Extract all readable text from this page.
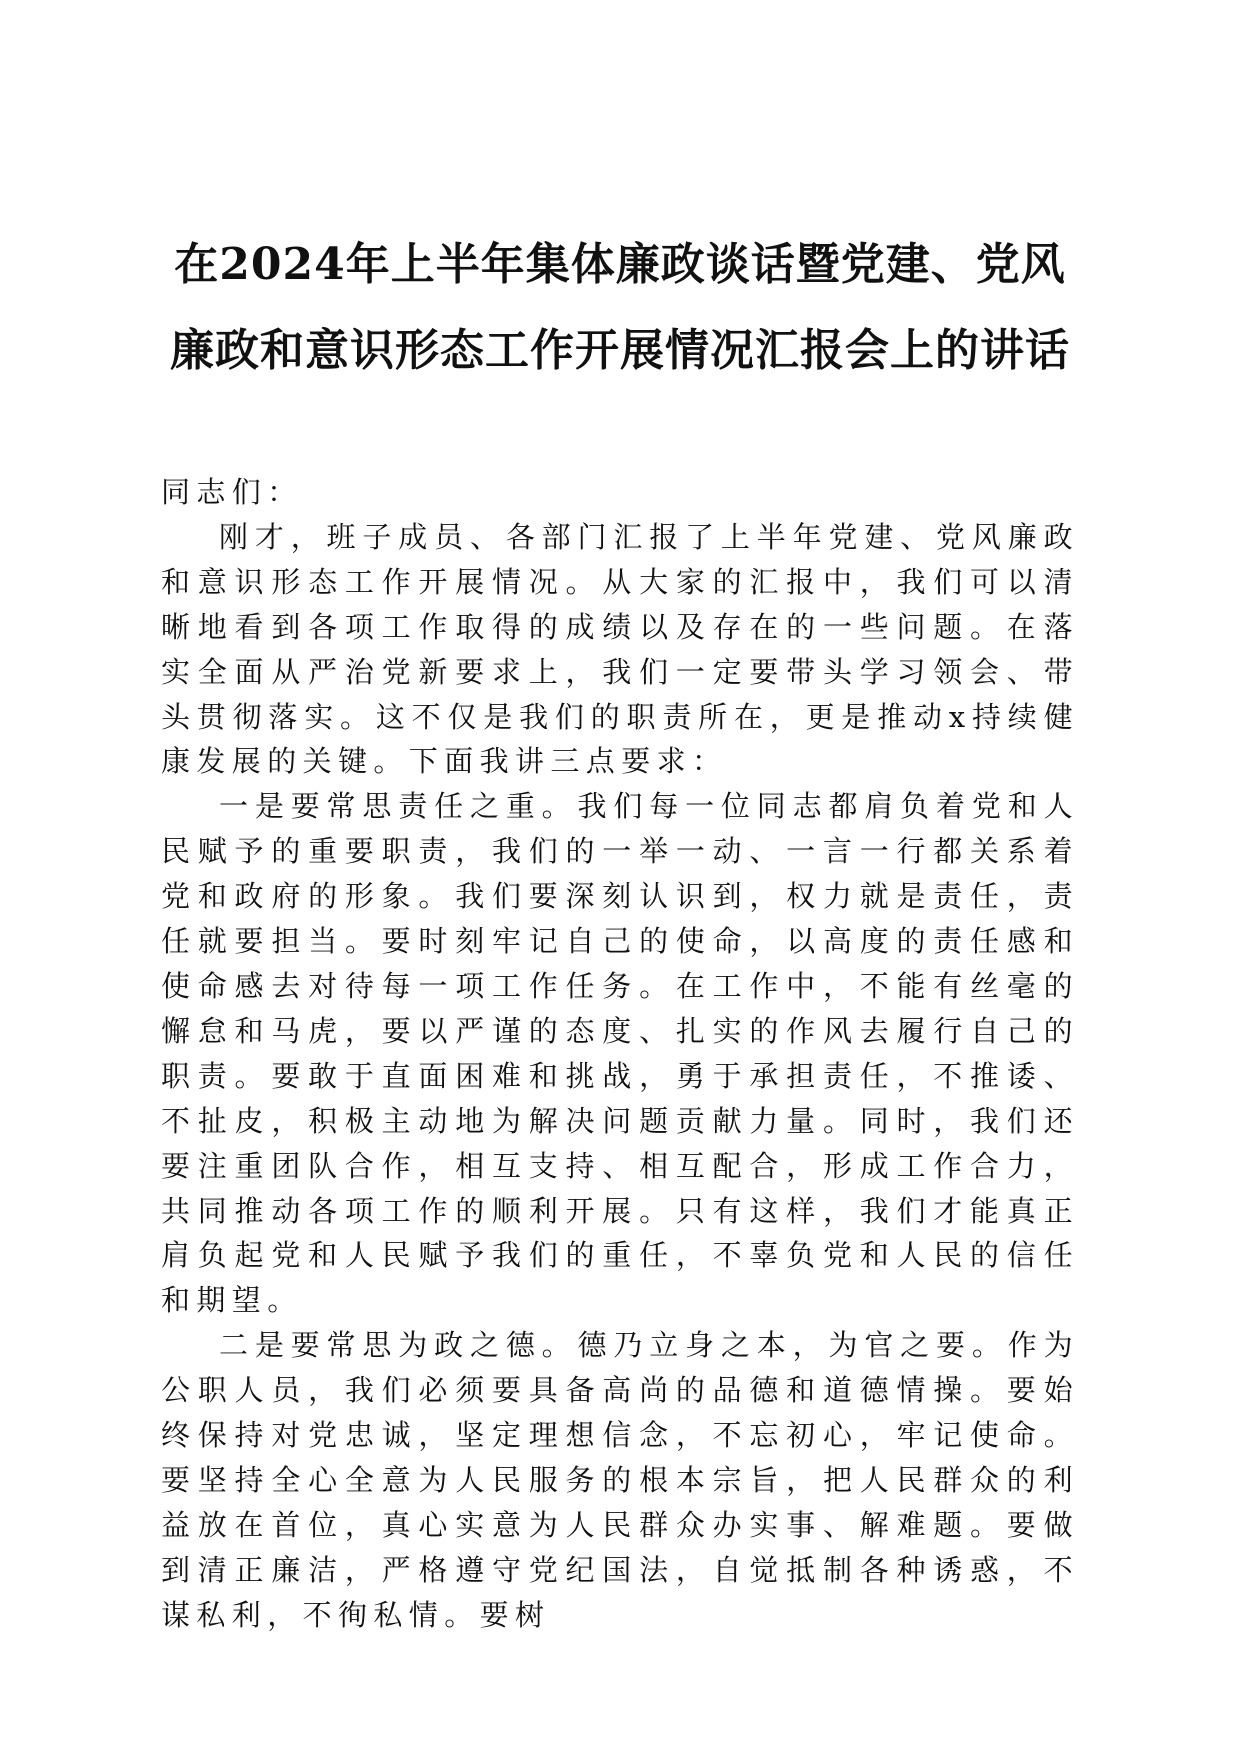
在2024年上半年集体廉政谈话暨党建、党风
廉政和意识形态工作开展情况汇报会上的讲话

同志们：

刚才，班子成员、各部门汇报了上半年党建、党风廉政和意识形态工作开展情况。从大家的汇报中，我们可以清晰地看到各项工作取得的成绩以及存在的一些问题。在落实全面从严治党新要求上，我们一定要带头学习领会、带头贯彻落实。这不仅是我们的职责所在，更是推动x持续健康发展的关键。下面我讲三点要求：

一是要常思责任之重。我们每一位同志都肩负着党和人民赋予的重要职责，我们的一举一动、一言一行都关系着党和政府的形象。我们要深刻认识到，权力就是责任，责任就要担当。要时刻牢记自己的使命，以高度的责任感和使命感去对待每一项工作任务。在工作中，不能有丝毫的懈怠和马虎，要以严谨的态度、扎实的作风去履行自己的职责。要敢于直面困难和挑战，勇于承担责任，不推诿、不扯皮，积极主动地为解决问题贡献力量。同时，我们还要注重团队合作，相互支持、相互配合，形成工作合力，共同推动各项工作的顺利开展。只有这样，我们才能真正肩负起党和人民赋予我们的重任，不辜负党和人民的信任和期望。

二是要常思为政之德。德乃立身之本，为官之要。作为公职人员，我们必须要具备高尚的品德和道德情操。要始终保持对党忠诚，坚定理想信念，不忘初心，牢记使命。要坚持全心全意为人民服务的根本宗旨，把人民群众的利益放在首位，真心实意为人民群众办实事、解难题。要做到清正廉洁，严格遵守党纪国法，自觉抵制各种诱惑，不谋私利，不徇私情。要树
